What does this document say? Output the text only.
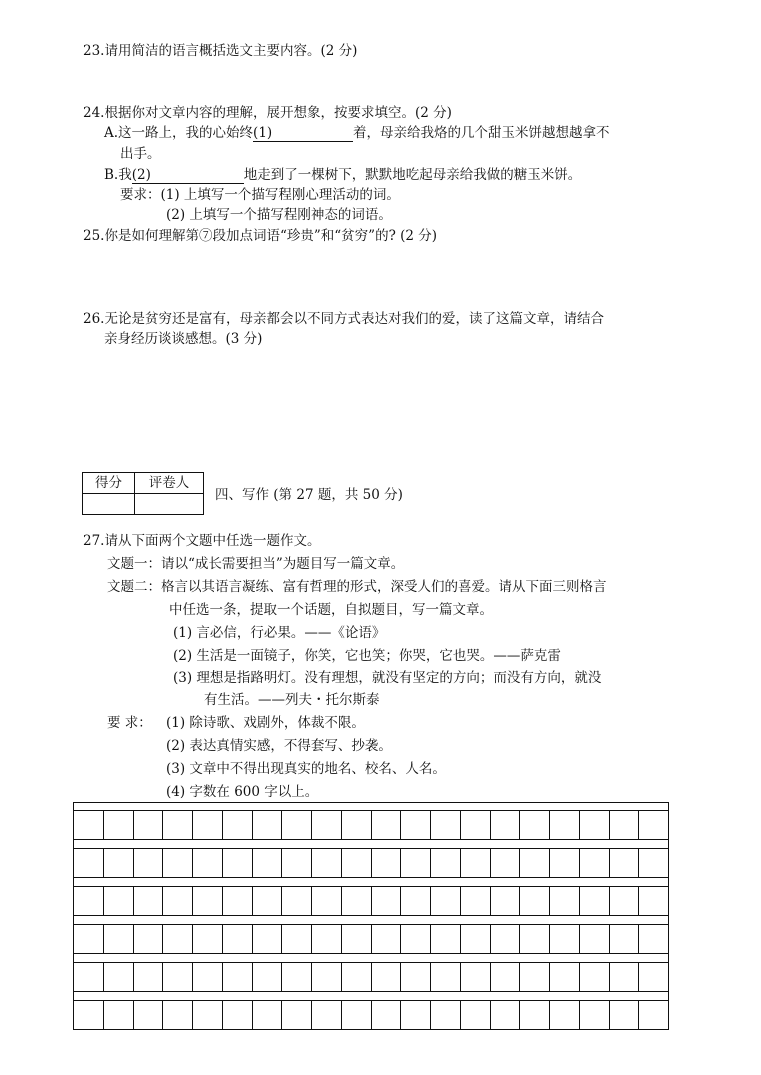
23.请用简洁的语言概括选文主要内容。(2 分)
24.根据你对文章内容的理解，展开想象，按要求填空。(2 分)
A.这一路上，我的心始终(1)	着，母亲给我烙的几个甜玉米饼越想越拿不
出手。
B.我(2)	地走到了一棵树下，默默地吃起母亲给我做的糖玉米饼。
要求：(1) 上填写一个描写程刚心理活动的词。
(2) 上填写一个描写程刚神态的词语。
25.你是如何理解第⑦段加点词语“珍贵”和“贫穷”的? (2 分)
26.无论是贫穷还是富有，母亲都会以不同方式表达对我们的爱，读了这篇文章，请结合
亲身经历谈谈感想。(3 分)
得分	评卷人

四、写作 (第 27 题，共 50 分)
27.请从下面两个文题中任选一题作文。
文题一：请以“成长需要担当”为题目写一篇文章。
文题二：格言以其语言凝练、富有哲理的形式，深受人们的喜爱。请从下面三则格言
中任选一条，提取一个话题，自拟题目，写一篇文章。
(1) 言必信，行必果。——《论语》
(2) 生活是一面镜子，你笑，它也笑；你哭，它也哭。——萨克雷
(3) 理想是指路明灯。没有理想，就没有坚定的方向；而没有方向，就没
有生活。——列夫・托尔斯泰
要 求： (1) 除诗歌、戏剧外，体裁不限。
(2) 表达真情实感，不得套写、抄袭。
(3) 文章中不得出现真实的地名、校名、人名。
(4) 字数在 600 字以上。
